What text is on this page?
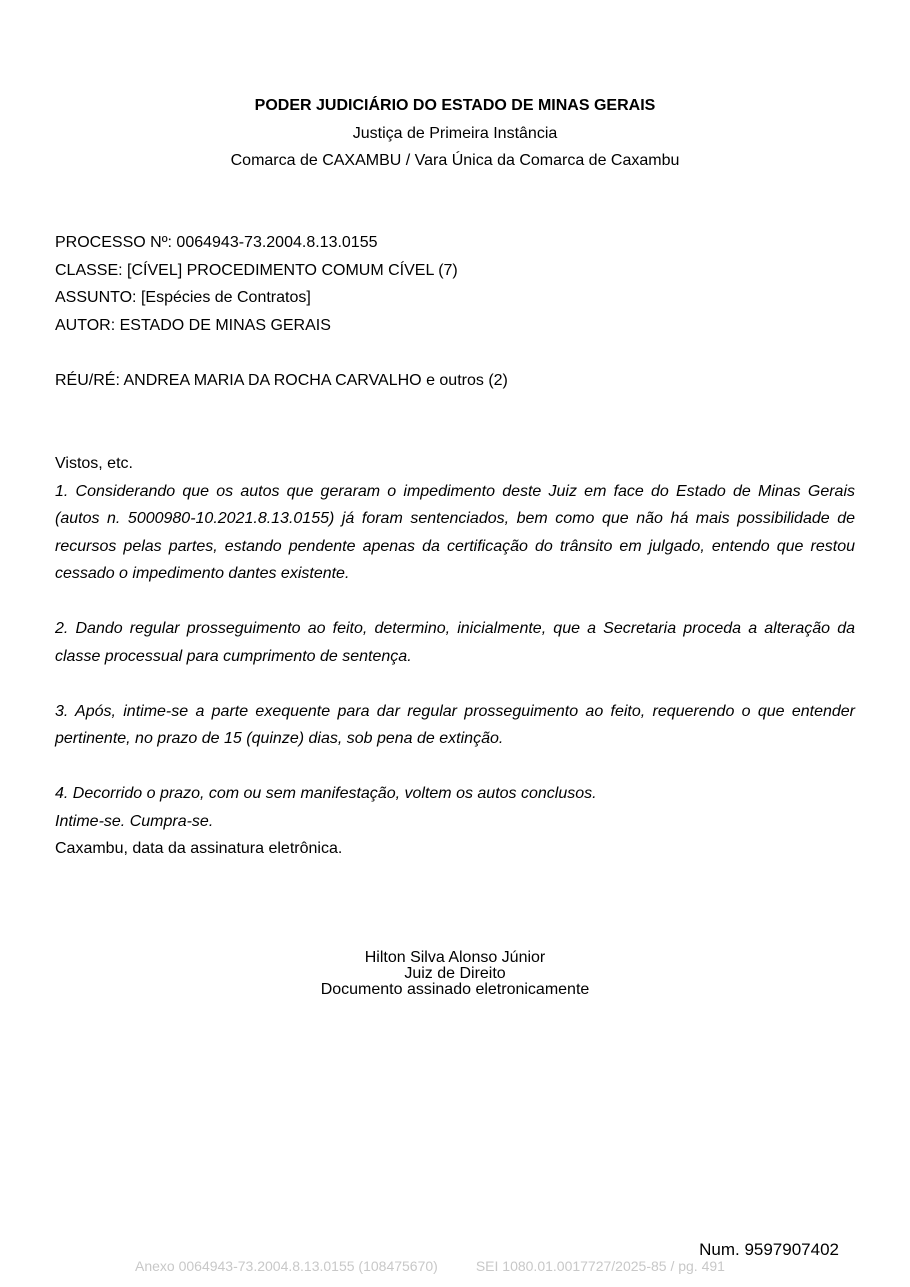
PODER JUDICIÁRIO DO ESTADO DE MINAS GERAIS
Justiça de Primeira Instância
Comarca de CAXAMBU / Vara Única da Comarca de Caxambu
PROCESSO Nº: 0064943-73.2004.8.13.0155
CLASSE: [CÍVEL] PROCEDIMENTO COMUM CÍVEL (7)
ASSUNTO: [Espécies de Contratos]
AUTOR: ESTADO DE MINAS GERAIS
RÉU/RÉ: ANDREA MARIA DA ROCHA CARVALHO e outros (2)

Vistos, etc.

1. Considerando que os autos que geraram o impedimento deste Juiz em face do Estado de Minas Gerais (autos n. 5000980-10.2021.8.13.0155) já foram sentenciados, bem como que não há mais possibilidade de recursos pelas partes, estando pendente apenas da certificação do trânsito em julgado, entendo que restou cessado o impedimento dantes existente.

2. Dando regular prosseguimento ao feito, determino, inicialmente, que a Secretaria proceda a alteração da classe processual para cumprimento de sentença.

3. Após, intime-se a parte exequente para dar regular prosseguimento ao feito, requerendo o que entender pertinente, no prazo de 15 (quinze) dias, sob pena de extinção.

4. Decorrido o prazo, com ou sem manifestação, voltem os autos conclusos.

Intime-se. Cumpra-se.

Caxambu, data da assinatura eletrônica.

Hilton Silva Alonso Júnior
Juiz de Direito
Documento assinado eletronicamente
Num. 9597907402
Anexo 0064943-73.2004.8.13.0155 (108475670)	SEI 1080.01.0017727/2025-85 / pg. 491
